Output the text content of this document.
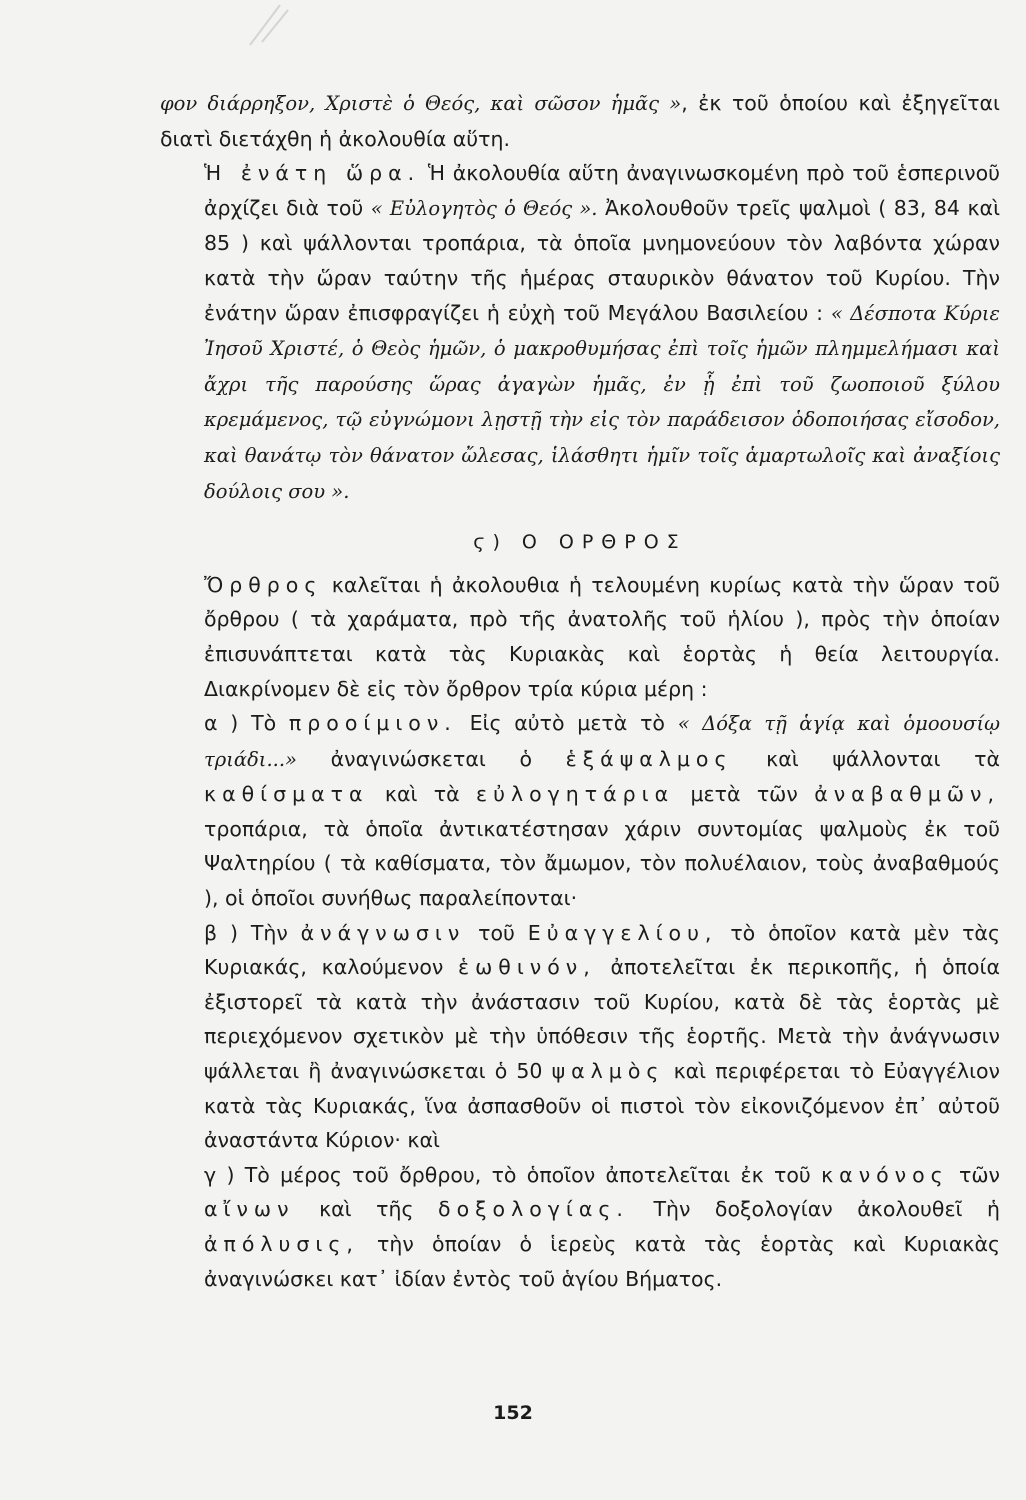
φον διάρρηξον, Χριστὲ ὁ Θεός, καὶ σῶσον ἡμᾶς », ἐκ τοῦ ὁποίου καὶ ἐξηγεῖται διατὶ διετάχθη ἡ ἀκολουθία αὕτη.

Ἡ ἐνάτη ὥρα. Ἡ ἀκολουθία αὕτη ἀναγινωσκομένη πρὸ τοῦ ἑσπερινοῦ ἀρχίζει διὰ τοῦ « Εὐλογητὸς ὁ Θεός ». Ἀκολουθοῦν τρεῖς ψαλμοὶ ( 83, 84 καὶ 85 ) καὶ ψάλλονται τροπάρια, τὰ ὁποῖα μνημονεύουν τὸν λαβόντα χώραν κατὰ τὴν ὥραν ταύτην τῆς ἡμέρας σταυρικὸν θάνατον τοῦ Κυρίου. Τὴν ἐνάτην ὥραν ἐπισφραγίζει ἡ εὐχὴ τοῦ Μεγάλου Βασιλείου : « Δέσποτα Κύριε Ἰησοῦ Χριστέ, ὁ Θεὸς ἡμῶν, ὁ μακροθυμήσας ἐπὶ τοῖς ἡμῶν πλημμελήμασι καὶ ἄχρι τῆς παρούσης ὥρας ἀγαγὼν ἡμᾶς, ἐν ᾗ ἐπὶ τοῦ ζωοποιοῦ ξύλου κρεμάμενος, τῷ εὐγνώμονι λῃστῇ τὴν εἰς τὸν παράδεισον ὁδοποιήσας εἴσοδον, καὶ θανάτῳ τὸν θάνατον ὤλεσας, ἱλάσθητι ἡμῖν τοῖς ἁμαρτωλοῖς καὶ ἀναξίοις δούλοις σου ».

ϛ) Ο ΟΡΘΡΟΣ

Ὄρθρος καλεῖται ἡ ἀκολουθια ἡ τελουμένη κυρίως κατὰ τὴν ὥραν τοῦ ὄρθρου ( τὰ χαράματα, πρὸ τῆς ἀνατολῆς τοῦ ἡλίου ), πρὸς τὴν ὁποίαν ἐπισυνάπτεται κατὰ τὰς Κυριακὰς καὶ ἑορτὰς ἡ θεία λειτουργία. Διακρίνομεν δὲ εἰς τὸν ὄρθρον τρία κύρια μέρη :

α ) Τὸ προοίμιον. Εἰς αὐτὸ μετὰ τὸ « Δόξα τῇ ἁγίᾳ καὶ ὁμοουσίῳ τριάδι...» ἀναγινώσκεται ὁ ἑξάψαλμος καὶ ψάλλονται τὰ καθίσματα καὶ τὰ εὐλογητάρια μετὰ τῶν ἀναβαθμῶν, τροπάρια, τὰ ὁποῖα ἀντικατέστησαν χάριν συντομίας ψαλμοὺς ἐκ τοῦ Ψαλτηρίου ( τὰ καθίσματα, τὸν ἄμωμον, τὸν πολυέλαιον, τοὺς ἀναβαθμούς ), οἱ ὁποῖοι συνήθως παραλείπονται·

β ) Τὴν ἀνάγνωσιν τοῦ Εὐαγγελίου, τὸ ὁποῖον κατὰ μὲν τὰς Κυριακάς, καλούμενον ἑωθινόν, ἀποτελεῖται ἐκ περικοπῆς, ἡ ὁποία ἐξιστορεῖ τὰ κατὰ τὴν ἀνάστασιν τοῦ Κυρίου, κατὰ δὲ τὰς ἑορτὰς μὲ περιεχόμενον σχετικὸν μὲ τὴν ὑπόθεσιν τῆς ἑορτῆς. Μετὰ τὴν ἀνάγνωσιν ψάλλεται ἢ ἀναγινώσκεται ὁ 50 ψαλμὸς καὶ περιφέρεται τὸ Εὐαγγέλιον κατὰ τὰς Κυριακάς, ἵνα ἀσπασθοῦν οἱ πιστοὶ τὸν εἰκονιζόμενον ἐπ᾽ αὐτοῦ ἀναστάντα Κύριον· καὶ

γ ) Τὸ μέρος τοῦ ὄρθρου, τὸ ὁποῖον ἀποτελεῖται ἐκ τοῦ κανόνος τῶν αἴνων καὶ τῆς δοξολογίας. Τὴν δοξολογίαν ἀκολουθεῖ ἡ ἀπόλυσις, τὴν ὁποίαν ὁ ἱερεὺς κατὰ τὰς ἑορτὰς καὶ Κυριακὰς ἀναγινώσκει κατ᾽ ἰδίαν ἐντὸς τοῦ ἁγίου Βήματος.

152
